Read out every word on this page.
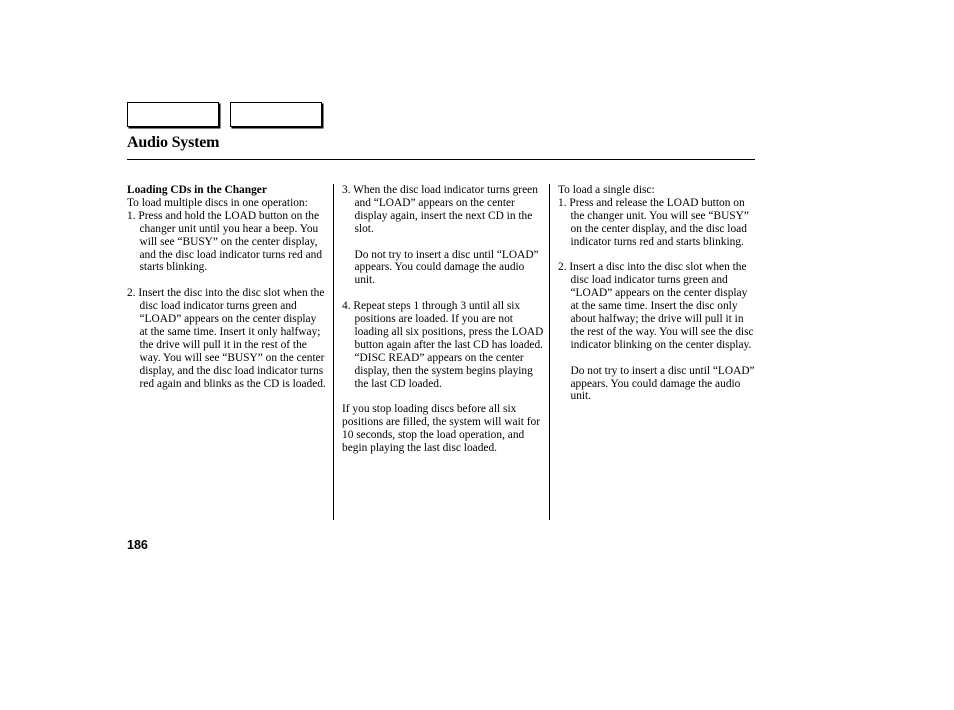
Audio System
Loading CDs in the Changer
To load multiple discs in one operation:
1. Press and hold the LOAD button on the changer unit until you hear a beep. You will see “BUSY” on the center display, and the disc load indicator turns red and starts blinking.
2. Insert the disc into the disc slot when the disc load indicator turns green and “LOAD” appears on the center display at the same time. Insert it only halfway; the drive will pull it in the rest of the way. You will see “BUSY” on the center display, and the disc load indicator turns red again and blinks as the CD is loaded.
3. When the disc load indicator turns green and “LOAD” appears on the center display again, insert the next CD in the slot.
Do not try to insert a disc until “LOAD” appears. You could damage the audio unit.
4. Repeat steps 1 through 3 until all six positions are loaded. If you are not loading all six positions, press the LOAD button again after the last CD has loaded. “DISC READ” appears on the center display, then the system begins playing the last CD loaded.
If you stop loading discs before all six positions are filled, the system will wait for 10 seconds, stop the load operation, and begin playing the last disc loaded.
To load a single disc:
1. Press and release the LOAD button on the changer unit. You will see “BUSY” on the center display, and the disc load indicator turns red and starts blinking.
2. Insert a disc into the disc slot when the disc load indicator turns green and “LOAD” appears on the center display at the same time. Insert the disc only about halfway; the drive will pull it in the rest of the way. You will see the disc indicator blinking on the center display.
Do not try to insert a disc until “LOAD” appears. You could damage the audio unit.
186
